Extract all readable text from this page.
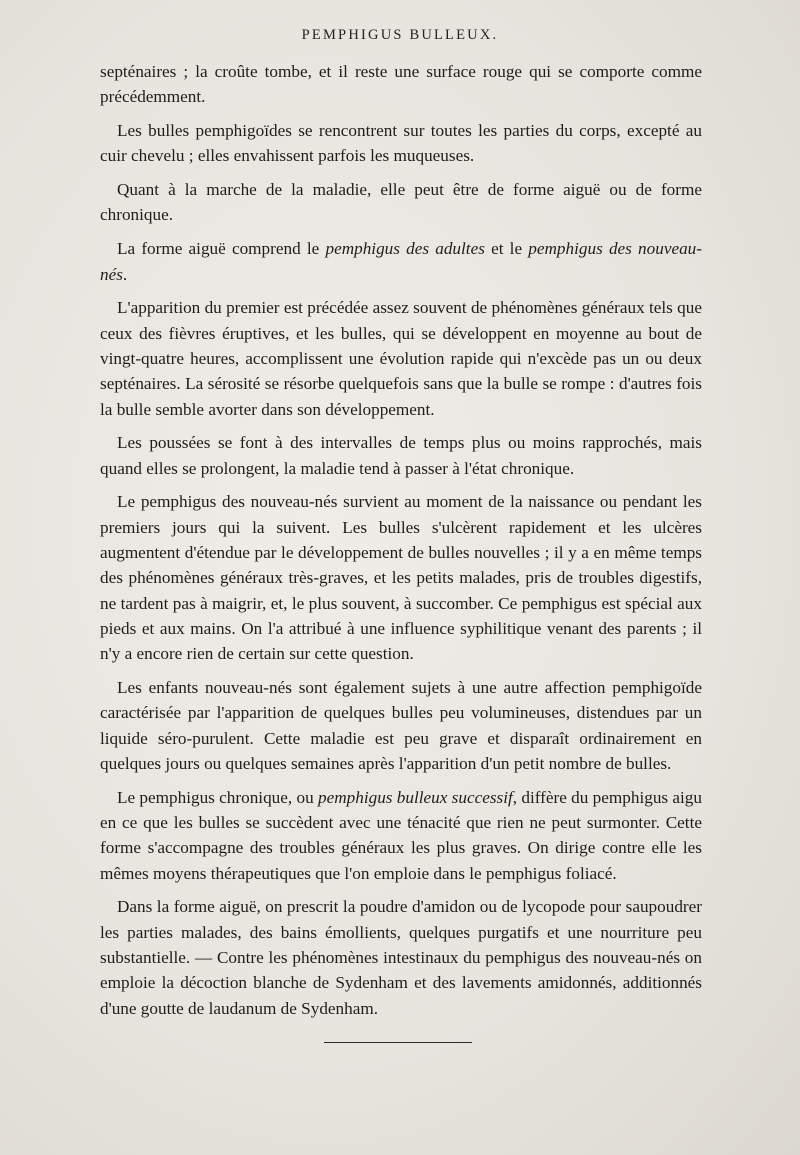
PEMPHIGUS BULLEUX.

septénaires ; la croûte tombe, et il reste une surface rouge qui se comporte comme précédemment.

Les bulles pemphigoïdes se rencontrent sur toutes les parties du corps, excepté au cuir chevelu ; elles envahissent parfois les muqueuses.

Quant à la marche de la maladie, elle peut être de forme aiguë ou de forme chronique.

La forme aiguë comprend le pemphigus des adultes et le pemphigus des nouveau-nés.

L'apparition du premier est précédée assez souvent de phénomènes généraux tels que ceux des fièvres éruptives, et les bulles, qui se développent en moyenne au bout de vingt-quatre heures, accomplissent une évolution rapide qui n'excède pas un ou deux septénaires. La sérosité se résorbe quelquefois sans que la bulle se rompe : d'autres fois la bulle semble avorter dans son développement.

Les poussées se font à des intervalles de temps plus ou moins rapprochés, mais quand elles se prolongent, la maladie tend à passer à l'état chronique.

Le pemphigus des nouveau-nés survient au moment de la naissance ou pendant les premiers jours qui la suivent. Les bulles s'ulcèrent rapidement et les ulcères augmentent d'étendue par le développement de bulles nouvelles ; il y a en même temps des phénomènes généraux très-graves, et les petits malades, pris de troubles digestifs, ne tardent pas à maigrir, et, le plus souvent, à succomber. Ce pemphigus est spécial aux pieds et aux mains. On l'a attribué à une influence syphilitique venant des parents ; il n'y a encore rien de certain sur cette question.

Les enfants nouveau-nés sont également sujets à une autre affection pemphigoïde caractérisée par l'apparition de quelques bulles peu volumineuses, distendues par un liquide séro-purulent. Cette maladie est peu grave et disparaît ordinairement en quelques jours ou quelques semaines après l'apparition d'un petit nombre de bulles.

Le pemphigus chronique, ou pemphigus bulleux successif, diffère du pemphigus aigu en ce que les bulles se succèdent avec une ténacité que rien ne peut surmonter. Cette forme s'accompagne des troubles généraux les plus graves. On dirige contre elle les mêmes moyens thérapeutiques que l'on emploie dans le pemphigus foliacé.

Dans la forme aiguë, on prescrit la poudre d'amidon ou de lycopode pour saupoudrer les parties malades, des bains émollients, quelques purgatifs et une nourriture peu substantielle. — Contre les phénomènes intestinaux du pemphigus des nouveau-nés on emploie la décoction blanche de Sydenham et des lavements amidonnés, additionnés d'une goutte de laudanum de Sydenham.
